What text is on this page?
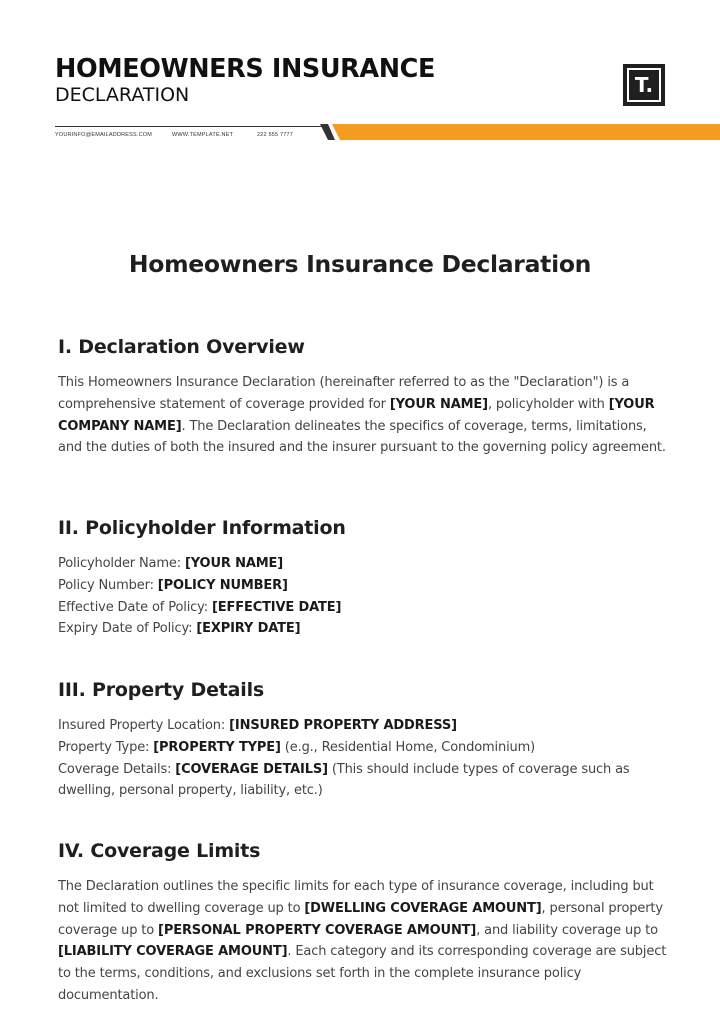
HOMEOWNERS INSURANCE
DECLARATION	T.
YOURINFO@EMAILADDRESS.COM	WWW.TEMPLATE.NET	222 555 7777
Homeowners Insurance Declaration
I. Declaration Overview

This Homeowners Insurance Declaration (hereinafter referred to as the "Declaration") is a comprehensive statement of coverage provided for [YOUR NAME], policyholder with [YOUR COMPANY NAME]. The Declaration delineates the specifics of coverage, terms, limitations, and the duties of both the insured and the insurer pursuant to the governing policy agreement.

II. Policyholder Information
Policyholder Name: [YOUR NAME]
Policy Number: [POLICY NUMBER]
Effective Date of Policy: [EFFECTIVE DATE]
Expiry Date of Policy: [EXPIRY DATE]
III. Property Details
Insured Property Location: [INSURED PROPERTY ADDRESS]
Property Type: [PROPERTY TYPE] (e.g., Residential Home, Condominium)

Coverage Details: [COVERAGE DETAILS] (This should include types of coverage such as dwelling, personal property, liability, etc.)

IV. Coverage Limits

The Declaration outlines the specific limits for each type of insurance coverage, including but not limited to dwelling coverage up to [DWELLING COVERAGE AMOUNT], personal property coverage up to [PERSONAL PROPERTY COVERAGE AMOUNT], and liability coverage up to [LIABILITY COVERAGE AMOUNT]. Each category and its corresponding coverage are subject to the terms, conditions, and exclusions set forth in the complete insurance policy documentation.
